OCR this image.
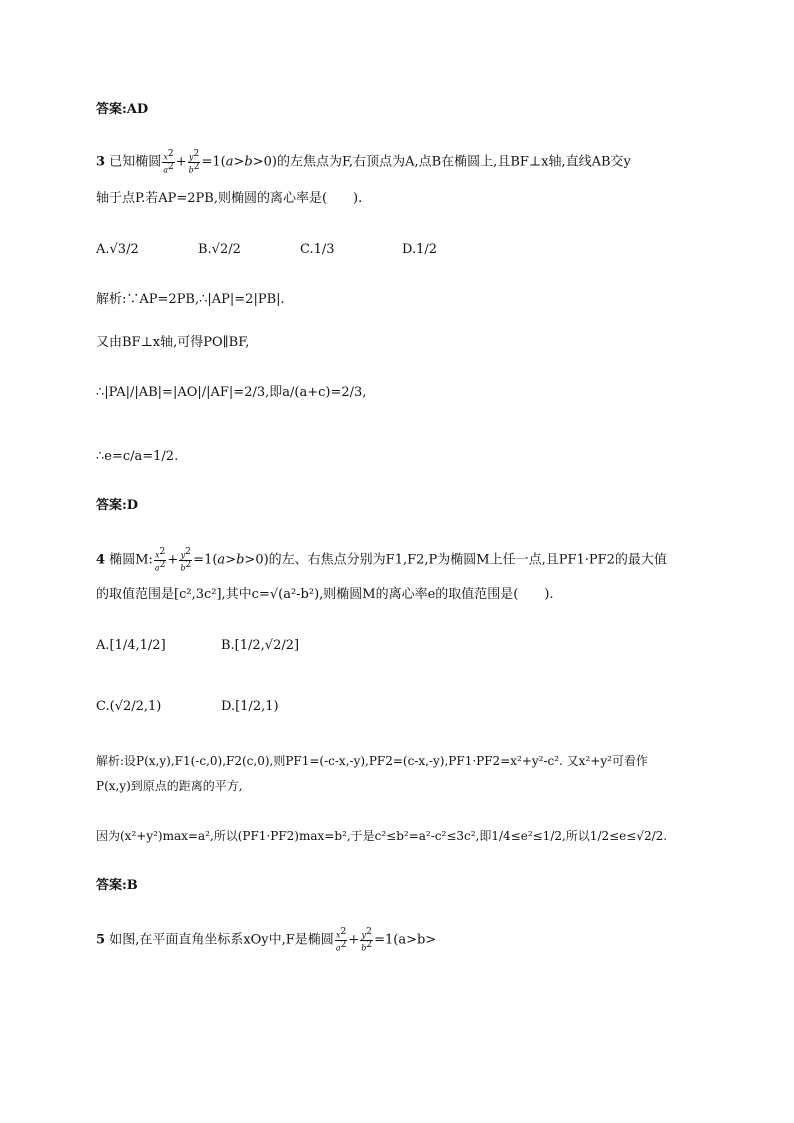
答案:AD
3 已知椭圆 $\frac{x^2}{a^2} + \frac{y^2}{b^2} =1(a>b>0)$的左焦点为F,右顶点为A,点B在椭圆上,且BF⊥x轴,直线AB交y
轴于点P.若AP=2PB,则椭圆的离心率是(　　).
A.√3/2	B.√2/2	C.1/3	D.1/2
解析:∵AP=2PB,∴|AP|=2|PB|.
又由BF⊥x轴,可得PO∥BF,
∴|PA|/|AB|=|AO|/|AF|=2/3,即a/(a+c)=2/3,
∴e=c/a=1/2.
答案:D
4 椭圆M: $\frac{x^2}{a^2} + \frac{y^2}{b^2} =1(a>b>0)$的左、右焦点分别为F1,F2,P为椭圆M上任一点,且PF1·PF2的最大值
的取值范围是[c²,3c²],其中c=√(a²-b²),则椭圆M的离心率e的取值范围是(　　).
A.[1/4,1/2]	B.[1/2,√2/2]
C.(√2/2,1)	D.[1/2,1)
解析:设P(x,y),F1(-c,0),F2(c,0),则PF1=(-c-x,-y),PF2=(c-x,-y),PF1·PF2=x²+y²-c². 又x²+y²可看作
P(x,y)到原点的距离的平方,
因为(x²+y²)max=a²,所以(PF1·PF2)max=b²,于是c²≤b²=a²-c²≤3c²,即1/4≤e²≤1/2,所以1/2≤e≤√2/2.
答案:B
5 如图,在平面直角坐标系xOy中,F是椭圆 $\frac{x^2}{a^2} + \frac{y^2}{b^2} =1(a>b>$
